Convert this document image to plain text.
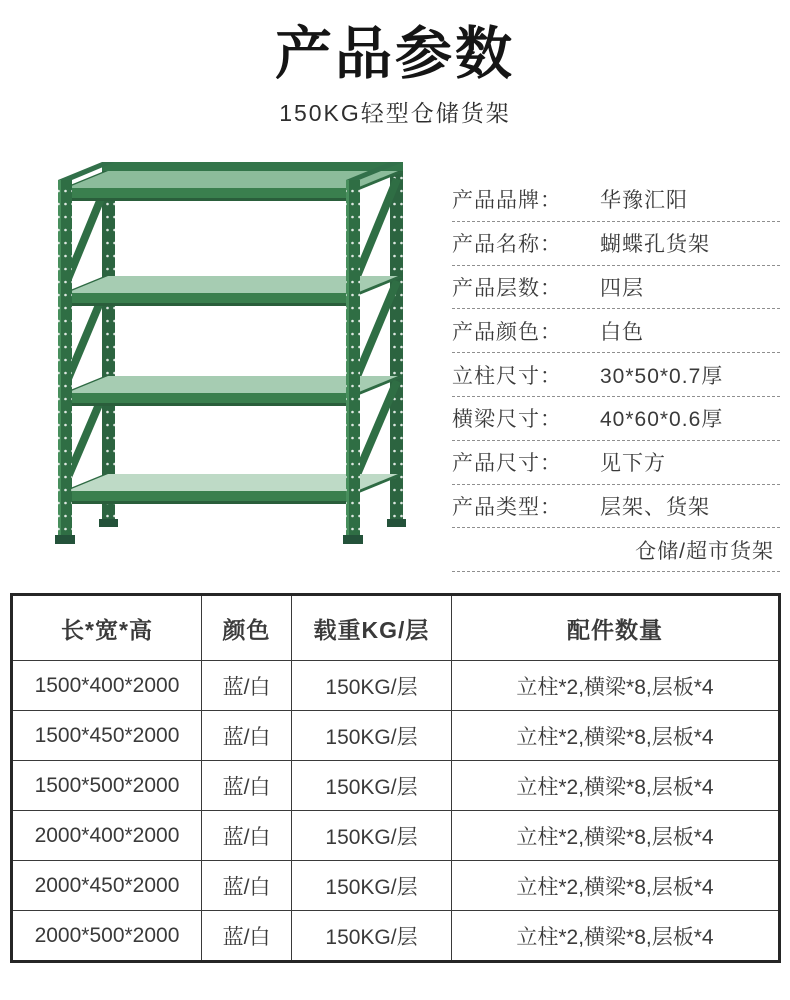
产品参数
150KG轻型仓储货架
产品品牌：	华豫汇阳
产品名称：	蝴蝶孔货架
产品层数：	四层
产品颜色：	白色
立柱尺寸：	30*50*0.7厚
横梁尺寸：	40*60*0.6厚
产品尺寸：	见下方
产品类型：	层架、货架
仓储/超市货架
长*宽*高	颜色	载重KG/层	配件数量
1500*400*2000	蓝/白	150KG/层	立柱*2,横梁*8,层板*4
1500*450*2000	蓝/白	150KG/层	立柱*2,横梁*8,层板*4
1500*500*2000	蓝/白	150KG/层	立柱*2,横梁*8,层板*4
2000*400*2000	蓝/白	150KG/层	立柱*2,横梁*8,层板*4
2000*450*2000	蓝/白	150KG/层	立柱*2,横梁*8,层板*4
2000*500*2000	蓝/白	150KG/层	立柱*2,横梁*8,层板*4
